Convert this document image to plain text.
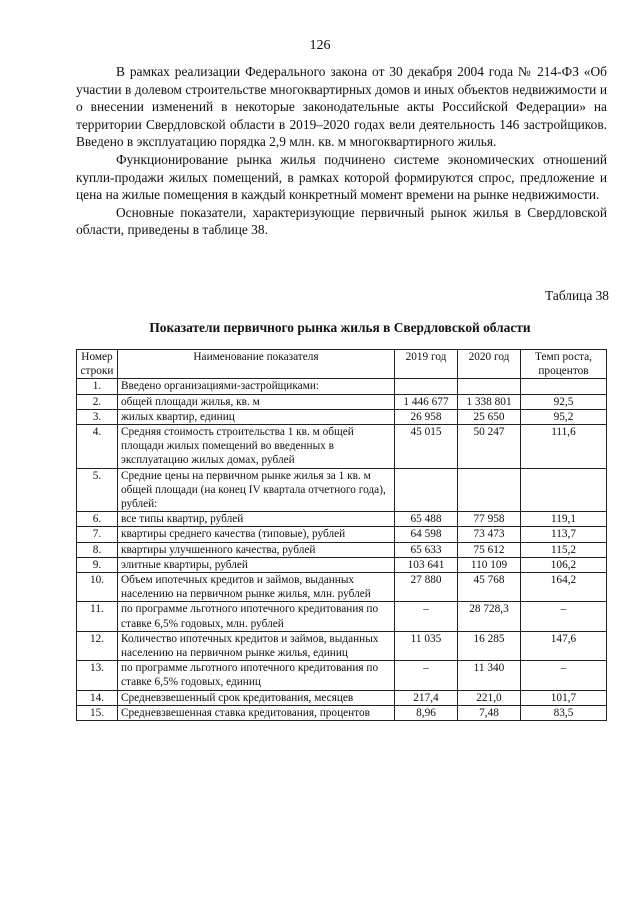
126

В рамках реализации Федерального закона от 30 декабря 2004 года № 214-ФЗ «Об участии в долевом строительстве многоквартирных домов и иных объектов недвижимости и о внесении изменений в некоторые законодательные акты Российской Федерации» на территории Свердловской области в 2019–2020 годах вели деятельность 146 застройщиков. Введено в эксплуатацию порядка 2,9 млн. кв. м многоквартирного жилья.

Функционирование рынка жилья подчинено системе экономических отношений купли-продажи жилых помещений, в рамках которой формируются спрос, предложение и цена на жилые помещения в каждый конкретный момент времени на рынке недвижимости.

Основные показатели, характеризующие первичный рынок жилья в Свердловской области, приведены в таблице 38.

Таблица 38
Показатели первичного рынка жилья в Свердловской области
Номер строки	Наименование показателя	2019 год	2020 год	Темп роста, процентов
1.	Введено организациями-застройщиками:			
2.	общей площади жилья, кв. м	1 446 677	1 338 801	92,5
3.	жилых квартир, единиц	26 958	25 650	95,2
4.	Средняя стоимость строительства 1 кв. м общей площади жилых помещений во введенных в эксплуатацию жилых домах, рублей	45 015	50 247	111,6
5.	Средние цены на первичном рынке жилья за 1 кв. м общей площади (на конец IV квартала отчетного года), рублей:			
6.	все типы квартир, рублей	65 488	77 958	119,1
7.	квартиры среднего качества (типовые), рублей	64 598	73 473	113,7
8.	квартиры улучшенного качества, рублей	65 633	75 612	115,2
9.	элитные квартиры, рублей	103 641	110 109	106,2
10.	Объем ипотечных кредитов и займов, выданных населению на первичном рынке жилья, млн. рублей	27 880	45 768	164,2
11.	по программе льготного ипотечного кредитования по ставке 6,5% годовых, млн. рублей	–	28 728,3	–
12.	Количество ипотечных кредитов и займов, выданных населению на первичном рынке жилья, единиц	11 035	16 285	147,6
13.	по программе льготного ипотечного кредитования по ставке 6,5% годовых, единиц	–	11 340	–
14.	Средневзвешенный срок кредитования, месяцев	217,4	221,0	101,7
15.	Средневзвешенная ставка кредитования, процентов	8,96	7,48	83,5
